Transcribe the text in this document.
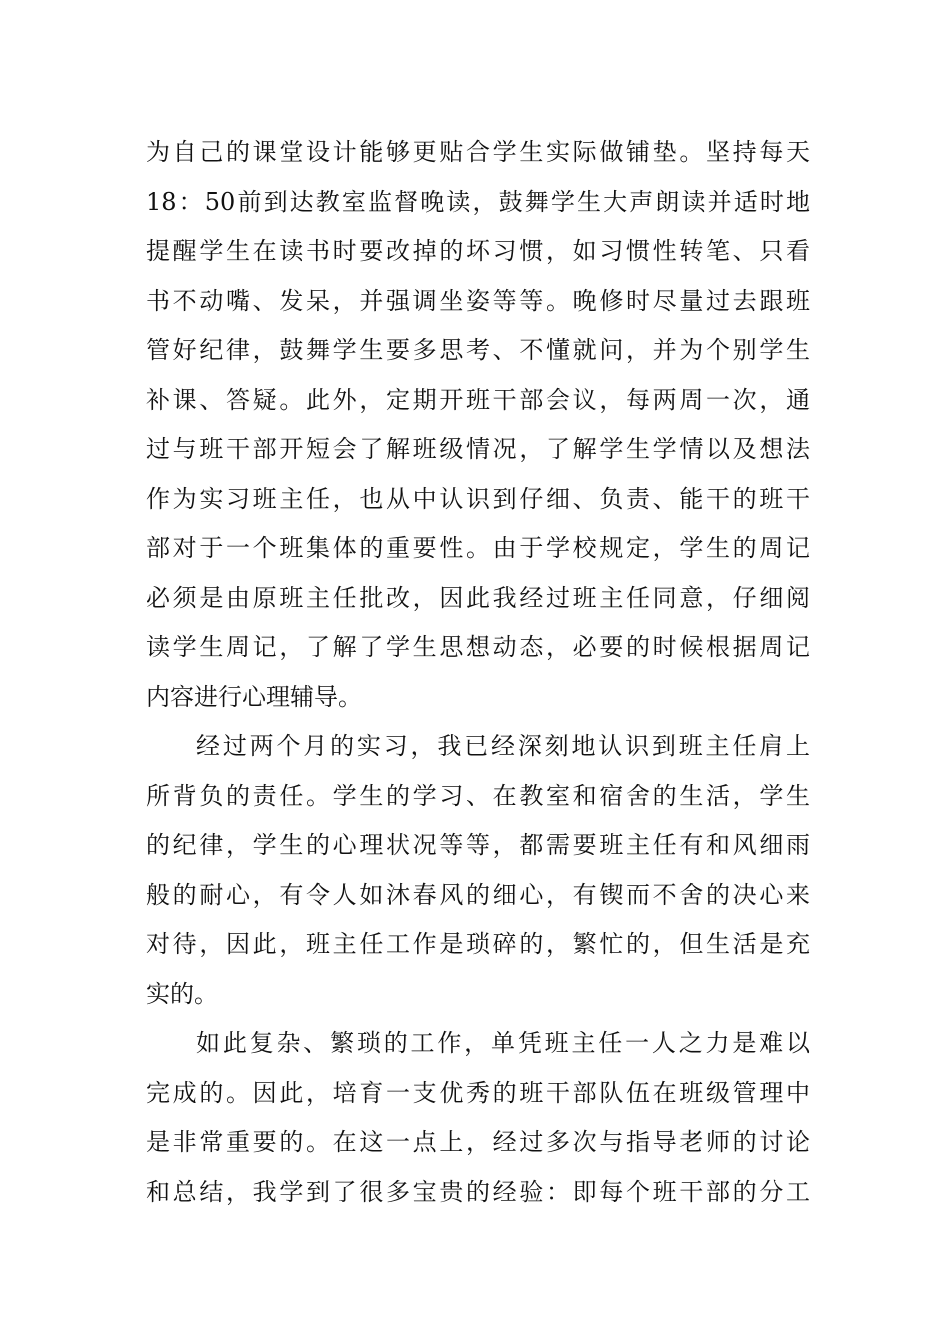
为自己的课堂设计能够更贴合学生实际做铺垫。坚持每天
18：50前到达教室监督晚读，鼓舞学生大声朗读并适时地
提醒学生在读书时要改掉的坏习惯，如习惯性转笔、只看
书不动嘴、发呆，并强调坐姿等等。晚修时尽量过去跟班
管好纪律，鼓舞学生要多思考、不懂就问，并为个别学生
补课、答疑。此外，定期开班干部会议，每两周一次，通
过与班干部开短会了解班级情况，了解学生学情以及想法
作为实习班主任，也从中认识到仔细、负责、能干的班干
部对于一个班集体的重要性。由于学校规定，学生的周记
必须是由原班主任批改，因此我经过班主任同意，仔细阅
读学生周记，了解了学生思想动态，必要的时候根据周记
内容进行心理辅导。
经过两个月的实习，我已经深刻地认识到班主任肩上
所背负的责任。学生的学习、在教室和宿舍的生活，学生
的纪律，学生的心理状况等等，都需要班主任有和风细雨
般的耐心，有令人如沐春风的细心，有锲而不舍的决心来
对待，因此，班主任工作是琐碎的，繁忙的，但生活是充
实的。
如此复杂、繁琐的工作，单凭班主任一人之力是难以
完成的。因此，培育一支优秀的班干部队伍在班级管理中
是非常重要的。在这一点上，经过多次与指导老师的讨论
和总结，我学到了很多宝贵的经验：即每个班干部的分工
